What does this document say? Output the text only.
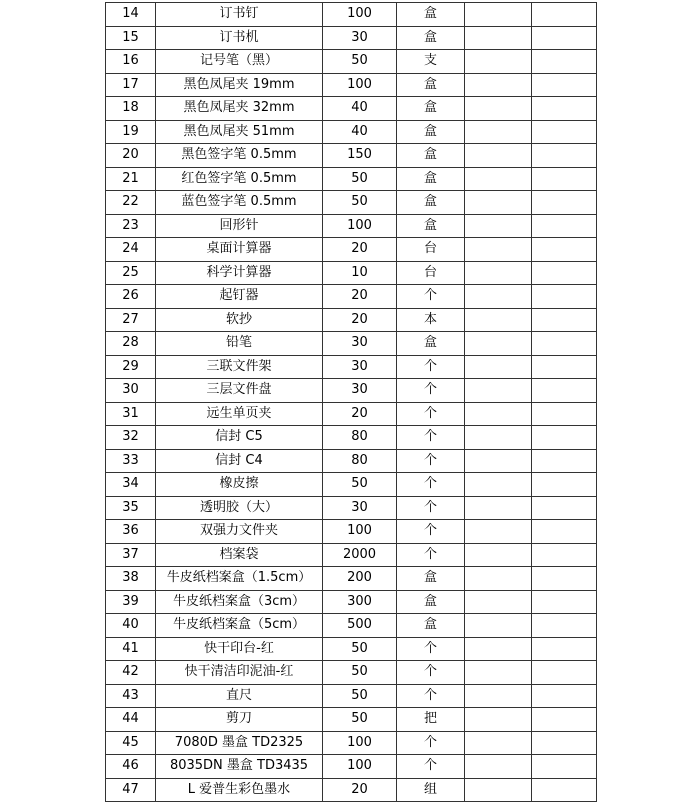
14	订书钉	100	盒		
15	订书机	30	盒		
16	记号笔（黑）	50	支		
17	黑色凤尾夹 19mm	100	盒		
18	黑色凤尾夹 32mm	40	盒		
19	黑色凤尾夹 51mm	40	盒		
20	黑色签字笔 0.5mm	150	盒		
21	红色签字笔 0.5mm	50	盒		
22	蓝色签字笔 0.5mm	50	盒		
23	回形针	100	盒		
24	桌面计算器	20	台		
25	科学计算器	10	台		
26	起钉器	20	个		
27	软抄	20	本		
28	铅笔	30	盒		
29	三联文件架	30	个		
30	三层文件盘	30	个		
31	远生单页夹	20	个		
32	信封 C5	80	个		
33	信封 C4	80	个		
34	橡皮擦	50	个		
35	透明胶（大）	30	个		
36	双强力文件夹	100	个		
37	档案袋	2000	个		
38	牛皮纸档案盒（1.5cm）	200	盒		
39	牛皮纸档案盒（3cm）	300	盒		
40	牛皮纸档案盒（5cm）	500	盒		
41	快干印台-红	50	个		
42	快干清洁印泥油-红	50	个		
43	直尺	50	个		
44	剪刀	50	把		
45	7080D 墨盒 TD2325	100	个		
46	8035DN 墨盒 TD3435	100	个		
47	L 爱普生彩色墨水	20	组		
